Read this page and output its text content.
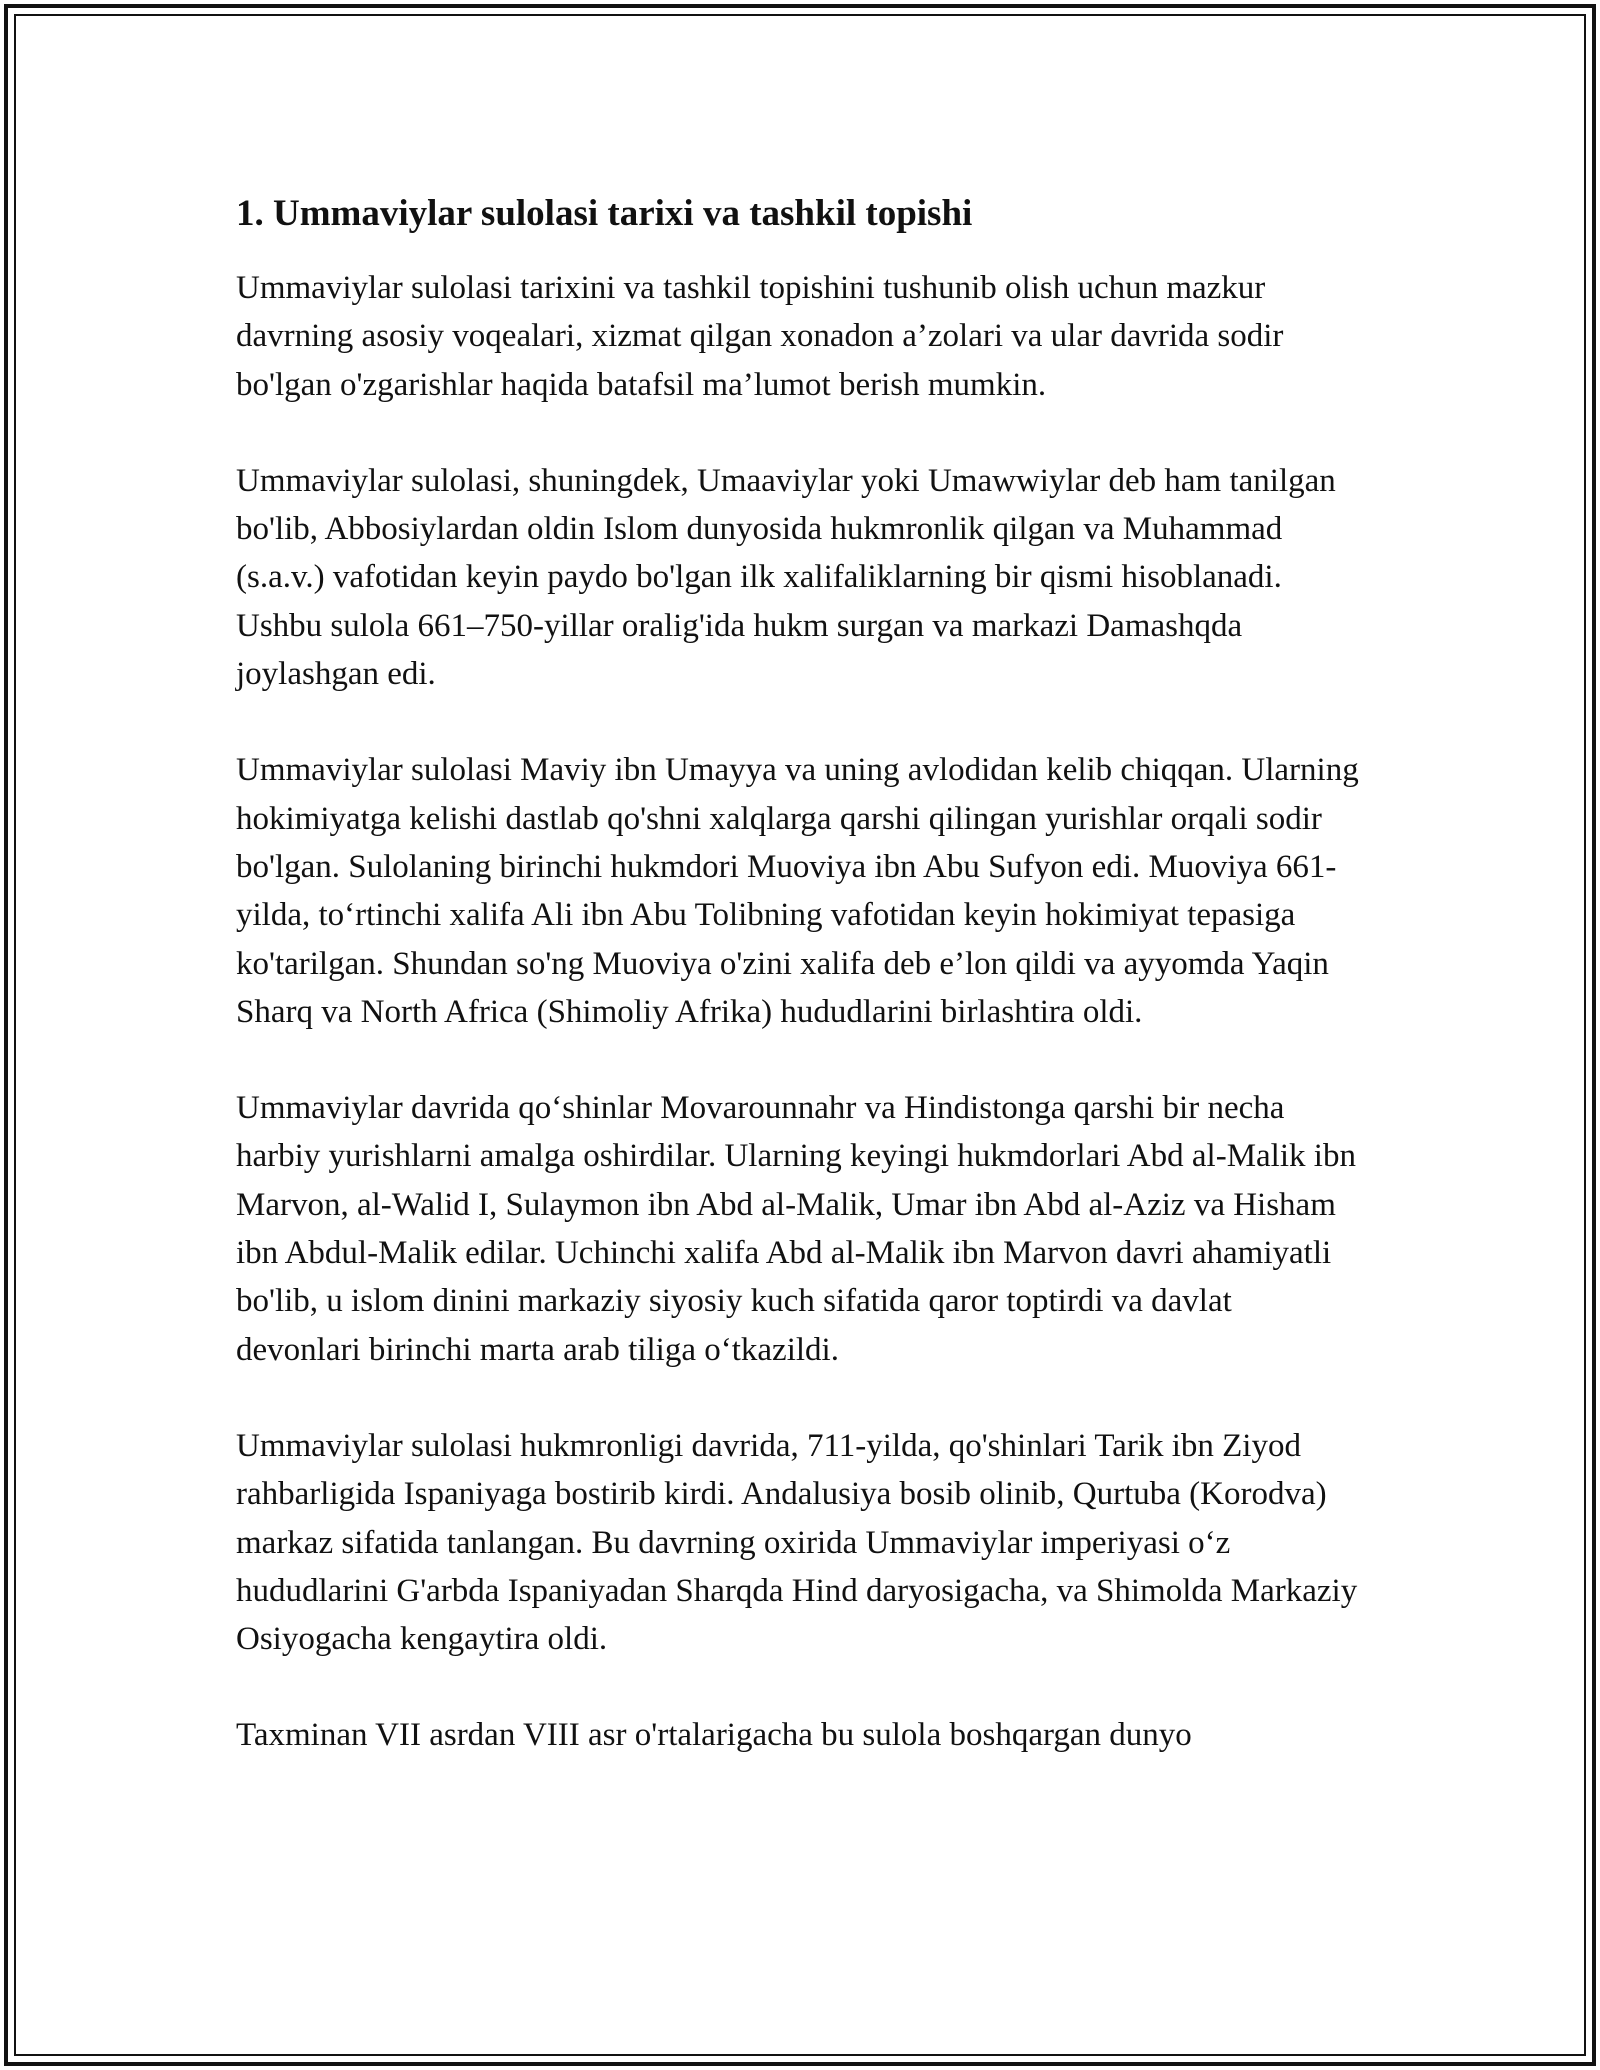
1. Ummaviylar sulolasi tarixi va tashkil topishi

Ummaviylar sulolasi tarixini va tashkil topishini tushunib olish uchun mazkur davrning asosiy voqealari, xizmat qilgan xonadon a’zolari va ular davrida sodir bo'lgan o'zgarishlar haqida batafsil ma’lumot berish mumkin.

Ummaviylar sulolasi, shuningdek, Umaaviylar yoki Umawwiylar deb ham tanilgan bo'lib, Abbosiylardan oldin Islom dunyosida hukmronlik qilgan va Muhammad (s.a.v.) vafotidan keyin paydo bo'lgan ilk xalifaliklarning bir qismi hisoblanadi. Ushbu sulola 661–750-yillar oralig'ida hukm surgan va markazi Damashqda joylashgan edi.

Ummaviylar sulolasi Maviy ibn Umayya va uning avlodidan kelib chiqqan. Ularning hokimiyatga kelishi dastlab qo'shni xalqlarga qarshi qilingan yurishlar orqali sodir bo'lgan. Sulolaning birinchi hukmdori Muoviya ibn Abu Sufyon edi. Muoviya 661-yilda, to‘rtinchi xalifa Ali ibn Abu Tolibning vafotidan keyin hokimiyat tepasiga ko'tarilgan. Shundan so'ng Muoviya o'zini xalifa deb e’lon qildi va ayyomda Yaqin Sharq va North Africa (Shimoliy Afrika) hududlarini birlashtira oldi.

Ummaviylar davrida qo‘shinlar Movarounnahr va Hindistonga qarshi bir necha harbiy yurishlarni amalga oshirdilar. Ularning keyingi hukmdorlari Abd al-Malik ibn Marvon, al-Walid I, Sulaymon ibn Abd al-Malik, Umar ibn Abd al-Aziz va Hisham ibn Abdul-Malik edilar. Uchinchi xalifa Abd al-Malik ibn Marvon davri ahamiyatli bo'lib, u islom dinini markaziy siyosiy kuch sifatida qaror toptirdi va davlat devonlari birinchi marta arab tiliga o‘tkazildi.

Ummaviylar sulolasi hukmronligi davrida, 711-yilda, qo'shinlari Tarik ibn Ziyod rahbarligida Ispaniyaga bostirib kirdi. Andalusiya bosib olinib, Qurtuba (Korodva) markaz sifatida tanlangan. Bu davrning oxirida Ummaviylar imperiyasi o‘z hududlarini G'arbda Ispaniyadan Sharqda Hind daryosigacha, va Shimolda Markaziy Osiyogacha kengaytira oldi.

Taxminan VII asrdan VIII asr o'rtalarigacha bu sulola boshqargan dunyo
